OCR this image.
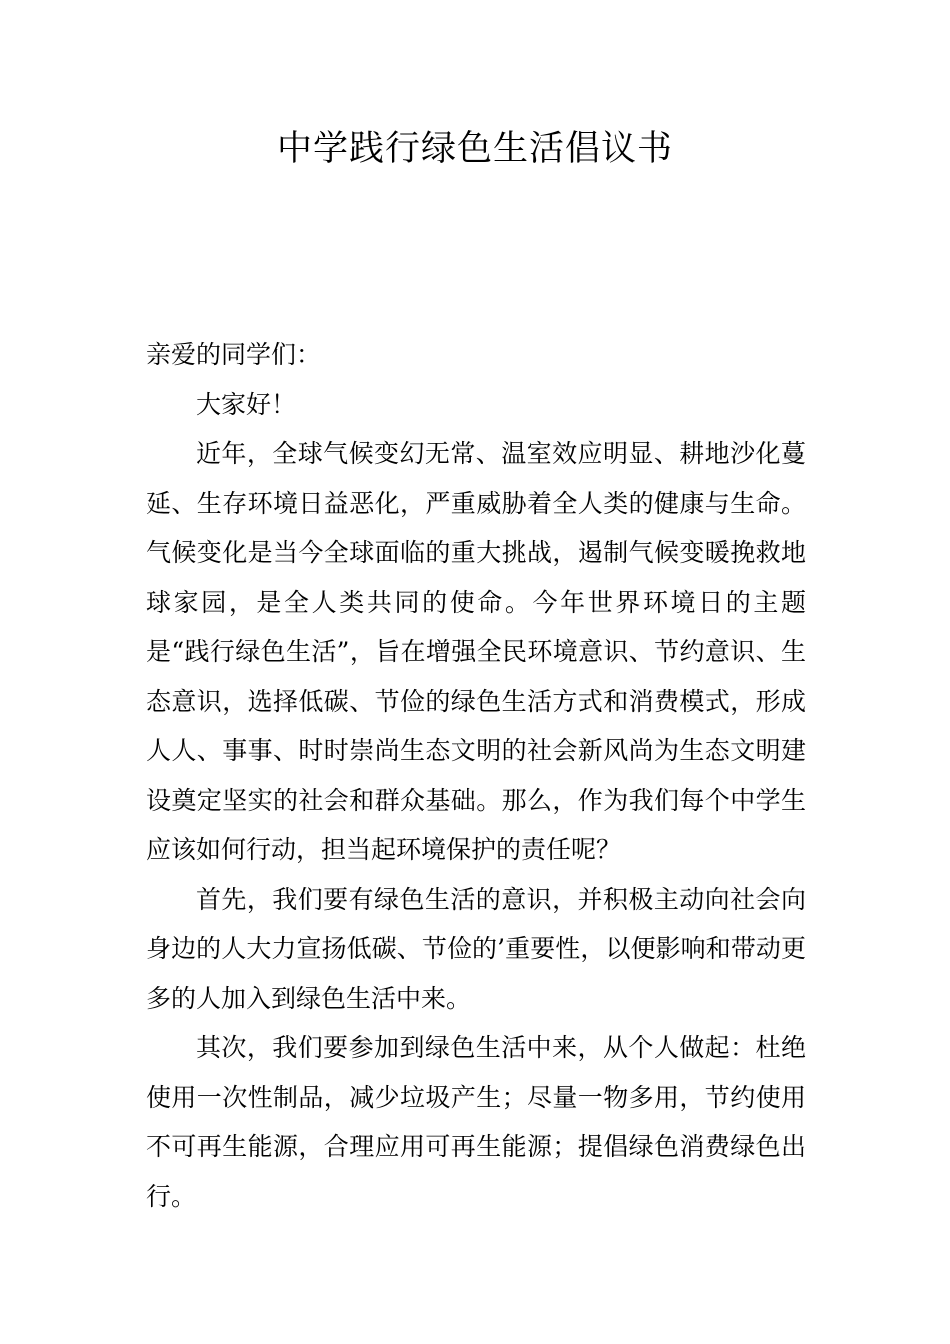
中学践行绿色生活倡议书

亲爱的同学们：

大家好！

近年，全球气候变幻无常、温室效应明显、耕地沙化蔓延、生存环境日益恶化，严重威胁着全人类的健康与生命。气候变化是当今全球面临的重大挑战，遏制气候变暖挽救地球家园，是全人类共同的使命。今年世界环境日的主题是“践行绿色生活”，旨在增强全民环境意识、节约意识、生态意识，选择低碳、节俭的绿色生活方式和消费模式，形成人人、事事、时时崇尚生态文明的社会新风尚为生态文明建设奠定坚实的社会和群众基础。那么，作为我们每个中学生应该如何行动，担当起环境保护的责任呢？

首先，我们要有绿色生活的意识，并积极主动向社会向身边的人大力宣扬低碳、节俭的’重要性，以便影响和带动更多的人加入到绿色生活中来。

其次，我们要参加到绿色生活中来，从个人做起：杜绝使用一次性制品，减少垃圾产生；尽量一物多用，节约使用不可再生能源，合理应用可再生能源；提倡绿色消费绿色出行。
